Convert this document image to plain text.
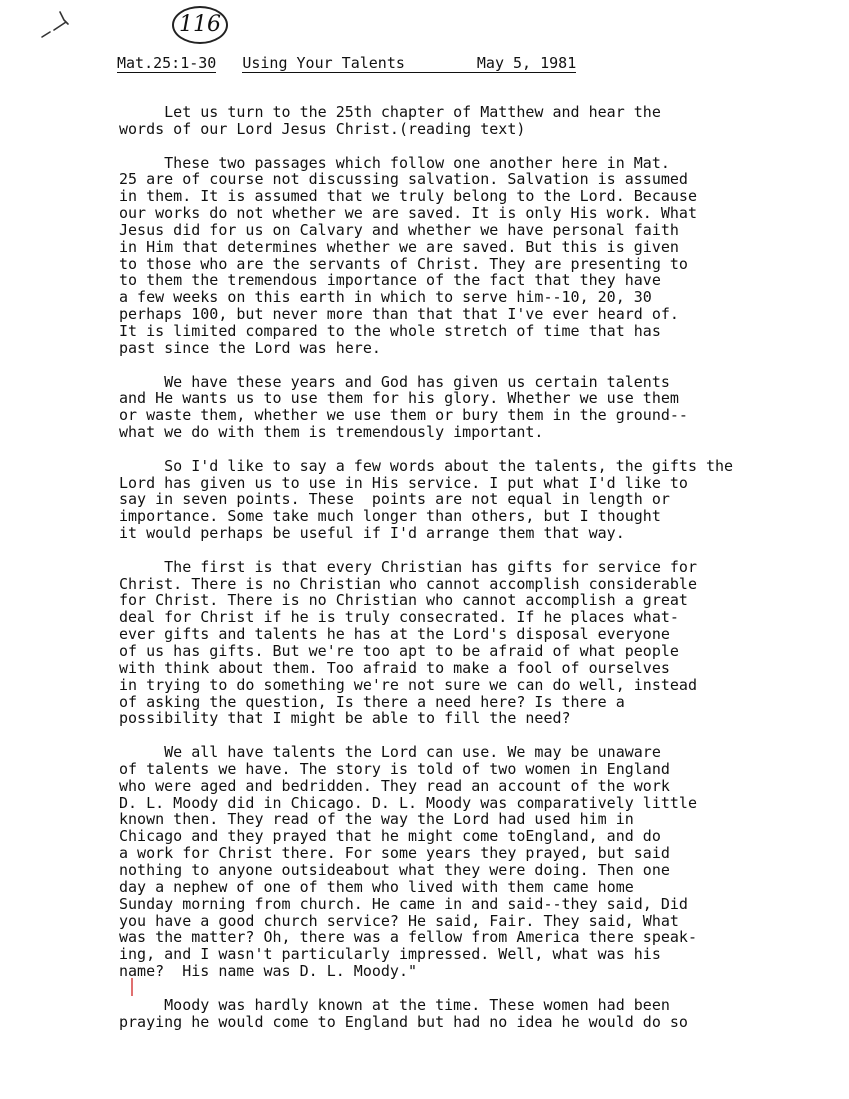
116
Mat.25:1-30 Using Your Talents	May 5, 1981
Let us turn to the 25th chapter of Matthew and hear the
words of our Lord Jesus Christ.(reading text)
These two passages which follow one another here in Mat.
25 are of course not discussing salvation. Salvation is assumed
in them. It is assumed that we truly belong to the Lord. Because
our works do not whether we are saved. It is only His work. What
Jesus did for us on Calvary and whether we have personal faith
in Him that determines whether we are saved. But this is given
to those who are the servants of Christ. They are presenting to
to them the tremendous importance of the fact that they have
a few weeks on this earth in which to serve him--10, 20, 30
perhaps 100, but never more than that that I've ever heard of.
It is limited compared to the whole stretch of time that has
past since the Lord was here.
We have these years and God has given us certain talents
and He wants us to use them for his glory. Whether we use them
or waste them, whether we use them or bury them in the ground--
what we do with them is tremendously important.
So I'd like to say a few words about the talents, the gifts the
Lord has given us to use in His service. I put what I'd like to
say in seven points. These  points are not equal in length or
importance. Some take much longer than others, but I thought
it would perhaps be useful if I'd arrange them that way.
The first is that every Christian has gifts for service for
Christ. There is no Christian who cannot accomplish considerable
for Christ. There is no Christian who cannot accomplish a great
deal for Christ if he is truly consecrated. If he places what-
ever gifts and talents he has at the Lord's disposal everyone
of us has gifts. But we're too apt to be afraid of what people
with think about them. Too afraid to make a fool of ourselves
in trying to do something we're not sure we can do well, instead
of asking the question, Is there a need here? Is there a
possibility that I might be able to fill the need?
We all have talents the Lord can use. We may be unaware
of talents we have. The story is told of two women in England
who were aged and bedridden. They read an account of the work
D. L. Moody did in Chicago. D. L. Moody was comparatively little
known then. They read of the way the Lord had used him in
Chicago and they prayed that he might come toEngland, and do
a work for Christ there. For some years they prayed, but said
nothing to anyone outsideabout what they were doing. Then one
day a nephew of one of them who lived with them came home
Sunday morning from church. He came in and said--they said, Did
you have a good church service? He said, Fair. They said, What
was the matter? Oh, there was a fellow from America there speak-
ing, and I wasn't particularly impressed. Well, what was his
name?  His name was D. L. Moody."
Moody was hardly known at the time. These women had been
praying he would come to England but had no idea he would do so
